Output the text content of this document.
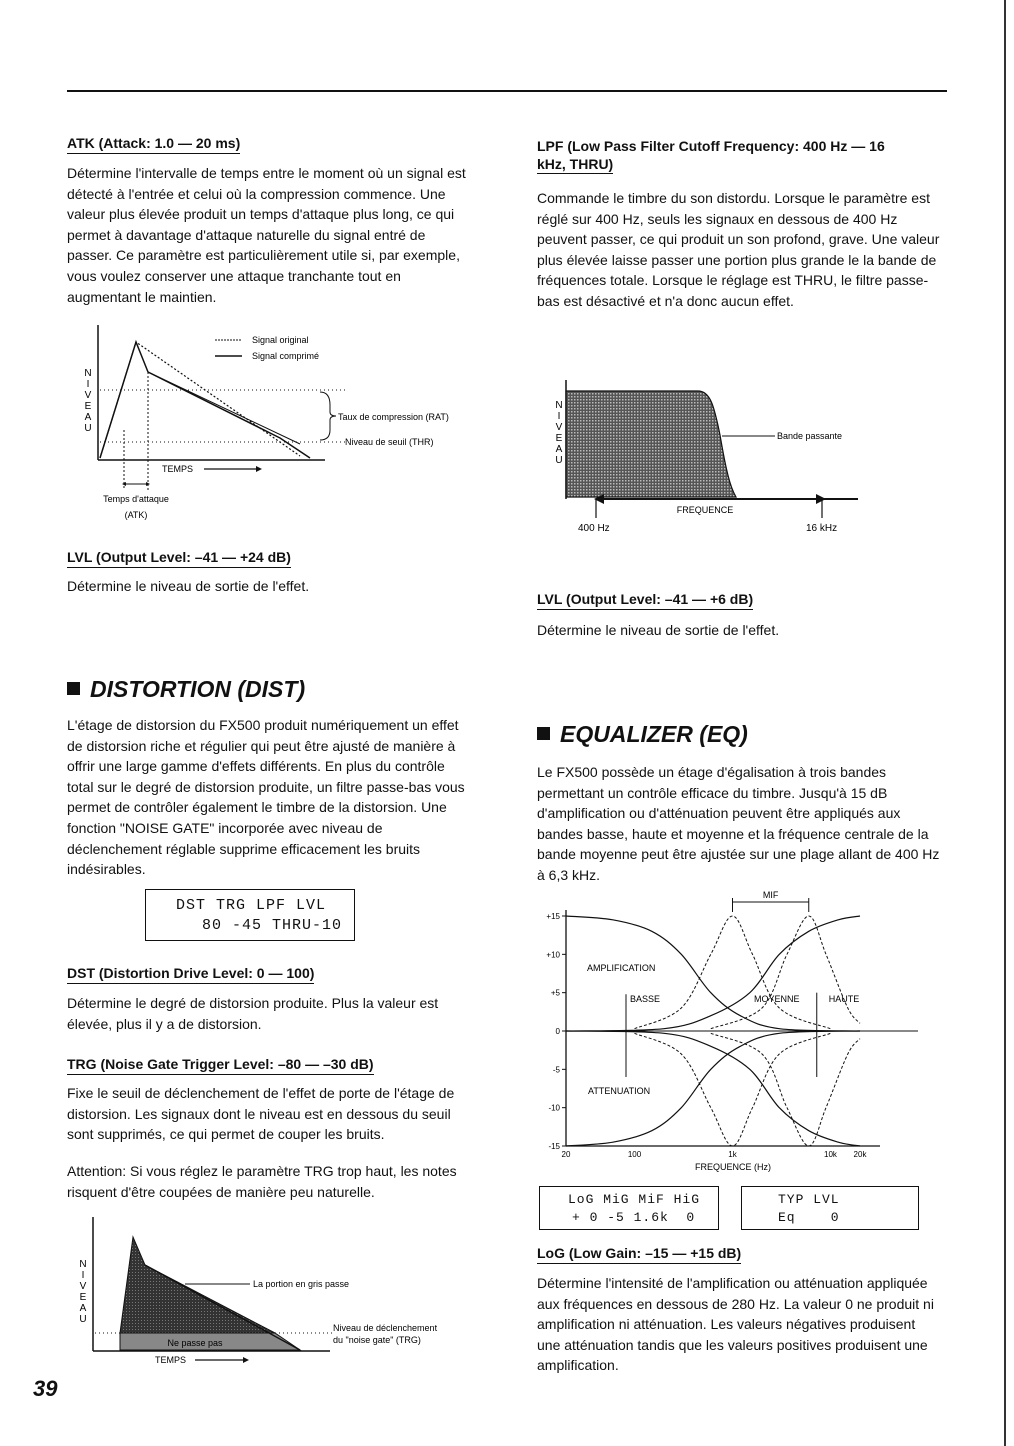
ATK (Attack: 1.0 — 20 ms)
Détermine l'intervalle de temps entre le moment où un signal est détecté à l'entrée et celui où la compression commence. Une valeur plus élevée produit un temps d'attaque plus long, ce qui permet à davantage d'attaque naturelle du signal entré de passer. Ce paramètre est particulièrement utile si, par exemple, vous voulez conserver une attaque tranchante tout en augmentant le maintien.
N I V E A U
Signal original
Signal comprimé
Taux de compression (RAT)
Niveau de seuil (THR)
TEMPS
Temps d'attaque
(ATK)
LVL (Output Level: –41 — +24 dB)
Détermine le niveau de sortie de l'effet.
DISTORTION (DIST)
L'étage de distorsion du FX500 produit numériquement un effet de distorsion riche et régulier qui peut être ajusté de manière à offrir une large gamme d'effets différents. En plus du contrôle total sur le degré de distorsion produite, un filtre passe-bas vous permet de contrôler également le timbre de la distorsion. Une fonction "NOISE GATE" incorporée avec niveau de déclenchement réglable supprime efficacement les bruits indésirables.

DST TRG LPF LVL

80 -45 THRU-10

DST (Distortion Drive Level: 0 — 100)
Détermine le degré de distorsion produite. Plus la valeur est élevée, plus il y a de distorsion.
TRG (Noise Gate Trigger Level: –80 — –30 dB)
Fixe le seuil de déclenchement de l'effet de porte de l'étage de distorsion. Les signaux dont le niveau est en dessous du seuil sont supprimés, ce qui permet de couper les bruits.
Attention: Si vous réglez le paramètre TRG trop haut, les notes risquent d'être coupées de manière peu naturelle.
N I V E A U
La portion en gris passe
Ne passe pas
Niveau de déclenchement
du "noise gate" (TRG)
TEMPS
39
LPF (Low Pass Filter Cutoff Frequency: 400 Hz — 16
kHz, THRU)
Commande le timbre du son distordu. Lorsque le paramètre est réglé sur 400 Hz, seuls les signaux en dessous de 400 Hz peuvent passer, ce qui produit un son profond, grave. Une valeur plus élevée laisse passer une portion plus grande le la bande de fréquences totale. Lorsque le réglage est THRU, le filtre passe-bas est désactivé et n'a donc aucun effet.
N I V E A U
Bande passante
FREQUENCE
400 Hz	16 kHz
LVL (Output Level: –41 — +6 dB)
Détermine le niveau de sortie de l'effet.
EQUALIZER (EQ)
Le FX500 possède un étage d'égalisation à trois bandes permettant un contrôle efficace du timbre. Jusqu'à 15 dB d'amplification ou d'atténuation peuvent être appliqués aux bandes basse, haute et moyenne et la fréquence centrale de la bande moyenne peut être ajustée sur une plage allant de 400 Hz à 6,3 kHz.
+15
+10
+5
0
-5
-10
-15
20	100	1k	10k 20k
FREQUENCE (Hz)
MIF
AMPLIFICATION
BASSE	MOYENNE	HAUTE
ATTENUATION

LoG MiG MiF HiG

+ 0 -5 1.6k  0

TYP LVL

Eq    0

LoG (Low Gain: –15 — +15 dB)
Détermine l'intensité de l'amplification ou atténuation appliquée aux fréquences en dessous de 280 Hz. La valeur 0 ne produit ni amplification ni atténuation. Les valeurs négatives produisent une atténuation tandis que les valeurs positives produisent une amplification.
